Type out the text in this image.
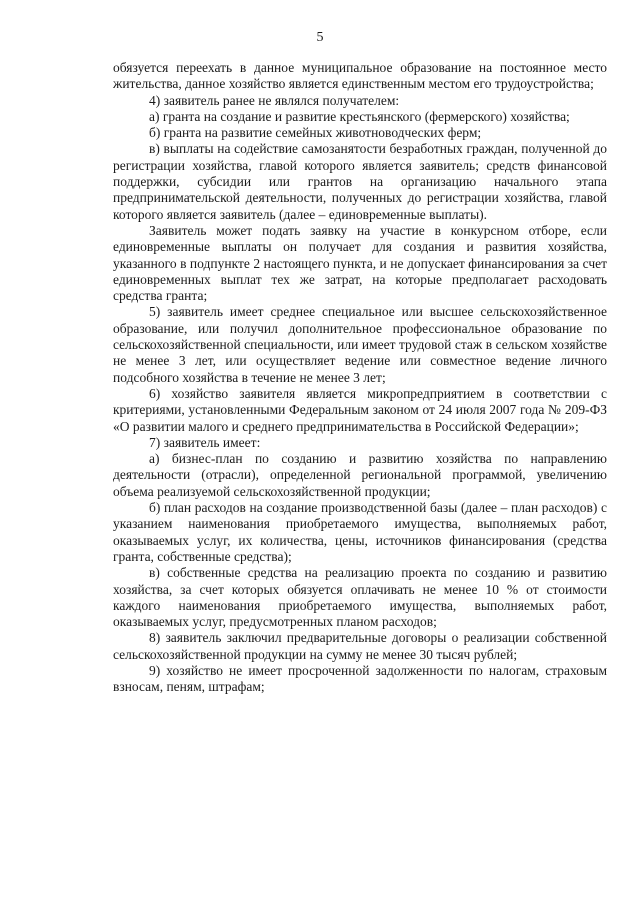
5

обязуется переехать в данное муниципальное образование на постоянное место жительства, данное хозяйство является единственным местом его трудоустройства;

4) заявитель ранее не являлся получателем:

а) гранта на создание и развитие крестьянского (фермерского) хозяйства;

б) гранта на развитие семейных животноводческих ферм;

в) выплаты на содействие самозанятости безработных граждан, полученной до регистрации хозяйства, главой которого является заявитель; средств финансовой поддержки, субсидии или грантов на организацию начального этапа предпринимательской деятельности, полученных до регистрации хозяйства, главой которого является заявитель (далее – единовременные выплаты).

Заявитель может подать заявку на участие в конкурсном отборе, если единовременные выплаты он получает для создания и развития хозяйства, указанного в подпункте 2 настоящего пункта, и не допускает финансирования за счет единовременных выплат тех же затрат, на которые предполагает расходовать средства гранта;

5) заявитель имеет среднее специальное или высшее сельскохозяйственное образование, или получил дополнительное профессиональное образование по сельскохозяйственной специальности, или имеет трудовой стаж в сельском хозяйстве не менее 3 лет, или осуществляет ведение или совместное ведение личного подсобного хозяйства в течение не менее 3 лет;

6) хозяйство заявителя является микропредприятием в соответствии с критериями, установленными Федеральным законом от 24 июля 2007 года № 209-ФЗ «О развитии малого и среднего предпринимательства в Российской Федерации»;

7) заявитель имеет:

а) бизнес-план по созданию и развитию хозяйства по направлению деятельности (отрасли), определенной региональной программой, увеличению объема реализуемой сельскохозяйственной продукции;

б) план расходов на создание производственной базы (далее – план расходов) с указанием наименования приобретаемого имущества, выполняемых работ, оказываемых услуг, их количества, цены, источников финансирования (средства гранта, собственные средства);

в) собственные средства на реализацию проекта по созданию и развитию хозяйства, за счет которых обязуется оплачивать не менее 10 % от стоимости каждого наименования приобретаемого имущества, выполняемых работ, оказываемых услуг, предусмотренных планом расходов;

8) заявитель заключил предварительные договоры о реализации собственной сельскохозяйственной продукции на сумму не менее 30 тысяч рублей;

9) хозяйство не имеет просроченной задолженности по налогам, страховым взносам, пеням, штрафам;
